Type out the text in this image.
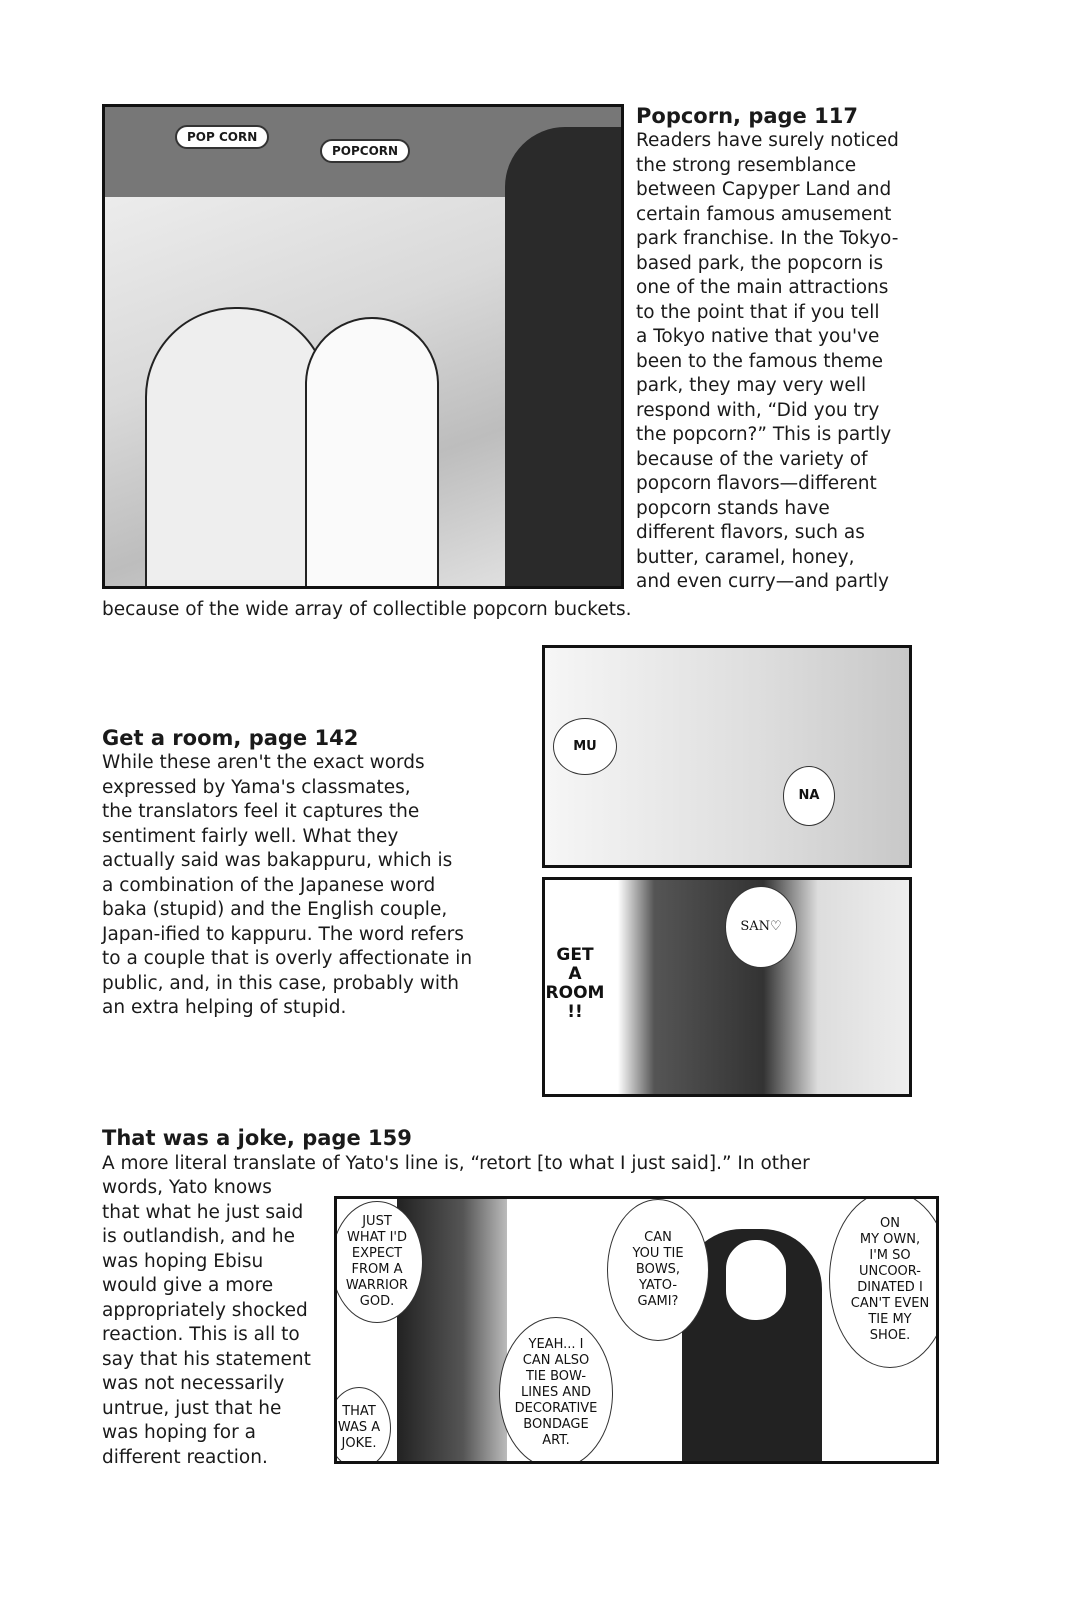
POP CORN
POPCORN
Popcorn, page 117
Readers have surely noticed
the strong resemblance
between Capyper Land and
certain famous amusement
park franchise. In the Tokyo-
based park, the popcorn is
one of the main attractions
to the point that if you tell
a Tokyo native that you've
been to the famous theme
park, they may very well
respond with, “Did you try
the popcorn?” This is partly
because of the variety of
popcorn flavors—different
popcorn stands have
different flavors, such as
butter, caramel, honey,
and even curry—and partly
because of the wide array of collectible popcorn buckets.
Get a room, page 142
While these aren't the exact words
expressed by Yama's classmates,
the translators feel it captures the
sentiment fairly well. What they
actually said was bakappuru, which is
a combination of the Japanese word
baka (stupid) and the English couple,
Japan-ified to kappuru. The word refers
to a couple that is overly affectionate in
public, and, in this case, probably with
an extra helping of stupid.
MU
NA
SAN♡
GET
A
ROOM
!!
That was a joke, page 159
A more literal translate of Yato's line is, “retort [to what I just said].” In other
words, Yato knows
that what he just said
is outlandish, and he
was hoping Ebisu
would give a more
appropriately shocked
reaction. This is all to
say that his statement
was not necessarily
untrue, just that he
was hoping for a
different reaction.
JUST
WHAT I'D
EXPECT
FROM A
WARRIOR
GOD.
THAT
WAS A
JOKE.
YEAH... I
CAN ALSO
TIE BOW-
LINES AND
DECORATIVE
BONDAGE
ART.
CAN
YOU TIE
BOWS,
YATO-
GAMI?
ON
MY OWN,
I'M SO
UNCOOR-
DINATED I
CAN'T EVEN
TIE MY
SHOE.
